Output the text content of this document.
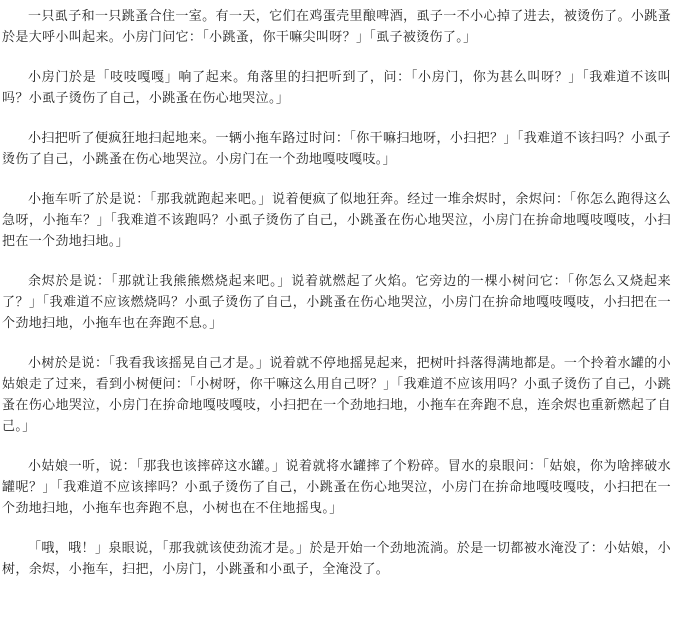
一只虱子和一只跳蚤合住一室。有一天，它们在鸡蛋壳里酿啤酒，虱子一不小心掉了进去，被烫伤了。小跳蚤於是大呼小叫起来。小房门问它：「小跳蚤，你干嘛尖叫呀？」「虱子被烫伤了。」

小房门於是「吱吱嘎嘎」响了起来。角落里的扫把听到了，问：「小房门，你为甚么叫呀？」「我难道不该叫吗？小虱子烫伤了自己，小跳蚤在伤心地哭泣。」

小扫把听了便疯狂地扫起地来。一辆小拖车路过时问：「你干嘛扫地呀，小扫把？」「我难道不该扫吗？小虱子烫伤了自己，小跳蚤在伤心地哭泣。小房门在一个劲地嘎吱嘎吱。」

小拖车听了於是说：「那我就跑起来吧。」说着便疯了似地狂奔。经过一堆余烬时，余烬问：「你怎么跑得这么急呀，小拖车？」「我难道不该跑吗？小虱子烫伤了自己，小跳蚤在伤心地哭泣，小房门在拚命地嘎吱嘎吱，小扫把在一个劲地扫地。」

余烬於是说：「那就让我熊熊燃烧起来吧。」说着就燃起了火焰。它旁边的一棵小树问它：「你怎么又烧起来了？」「我难道不应该燃烧吗？小虱子烫伤了自己，小跳蚤在伤心地哭泣，小房门在拚命地嘎吱嘎吱，小扫把在一个劲地扫地，小拖车也在奔跑不息。」

小树於是说：「我看我该摇晃自己才是。」说着就不停地摇晃起来，把树叶抖落得满地都是。一个拎着水罐的小姑娘走了过来，看到小树便问：「小树呀，你干嘛这么用自己呀？」「我难道不应该用吗？小虱子烫伤了自己，小跳蚤在伤心地哭泣，小房门在拚命地嘎吱嘎吱，小扫把在一个劲地扫地，小拖车在奔跑不息，连余烬也重新燃起了自己。」

小姑娘一听，说：「那我也该摔碎这水罐。」说着就将水罐摔了个粉碎。冒水的泉眼问：「姑娘，你为啥摔破水罐呢？」「我难道不应该摔吗？小虱子烫伤了自己，小跳蚤在伤心地哭泣，小房门在拚命地嘎吱嘎吱，小扫把在一个劲地扫地，小拖车也奔跑不息，小树也在不住地摇曳。」

「哦，哦！」泉眼说，「那我就该使劲流才是。」於是开始一个劲地流淌。於是一切都被水淹没了：小姑娘，小树，余烬，小拖车，扫把，小房门，小跳蚤和小虱子，全淹没了。
